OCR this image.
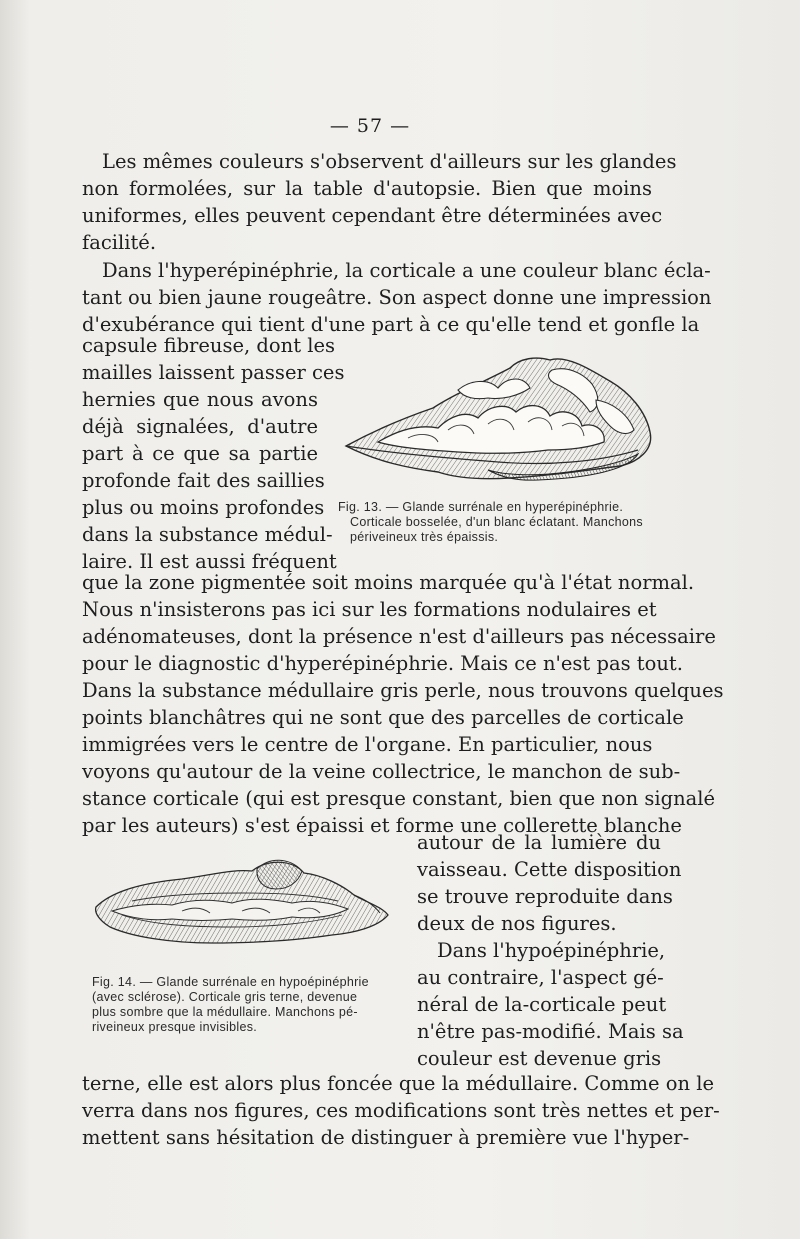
— 57 —

Les mêmes couleurs s'observent d'ailleurs sur les glandes

non formolées, sur la table d'autopsie. Bien que moins

uniformes, elles peuvent cependant être déterminées avec

facilité.

Dans l'hyperépinéphrie, la corticale a une couleur blanc écla-

tant ou bien jaune rougeâtre. Son aspect donne une impression

d'exubérance qui tient d'une part à ce qu'elle tend et gonfle la

capsule fibreuse, dont les

mailles laissent passer ces

hernies que nous avons

déjà signalées, d'autre

part à ce que sa partie

profonde fait des saillies

plus ou moins profondes

dans la substance médul-

laire. Il est aussi fréquent

que la zone pigmentée soit moins marquée qu'à l'état normal.

Nous n'insisterons pas ici sur les formations nodulaires et

adénomateuses, dont la présence n'est d'ailleurs pas nécessaire

pour le diagnostic d'hyperépinéphrie. Mais ce n'est pas tout.

Dans la substance médullaire gris perle, nous trouvons quelques

points blanchâtres qui ne sont que des parcelles de corticale

immigrées vers le centre de l'organe. En particulier, nous

voyons qu'autour de la veine collectrice, le manchon de sub-

stance corticale (qui est presque constant, bien que non signalé

par les auteurs) s'est épaissi et forme une collerette blanche

autour de la lumière du

vaisseau. Cette disposition

se trouve reproduite dans

deux de nos figures.

Dans l'hypoépinéphrie,

au contraire, l'aspect gé-

néral de la-corticale peut

n'être pas-modifié. Mais sa

couleur est devenue gris

terne, elle est alors plus foncée que la médullaire. Comme on le

verra dans nos figures, ces modifications sont très nettes et per-

mettent sans hésitation de distinguer à première vue l'hyper-

Fig. 13. — Glande surrénale en hyperépinéphrie.

Corticale bosselée, d'un blanc éclatant. Manchons

périveineux très épaissis.

Fig. 14. — Glande surrénale en hypoépinéphrie

(avec sclérose). Corticale gris terne, devenue

plus sombre que la médullaire. Manchons pé-

riveineux presque invisibles.
